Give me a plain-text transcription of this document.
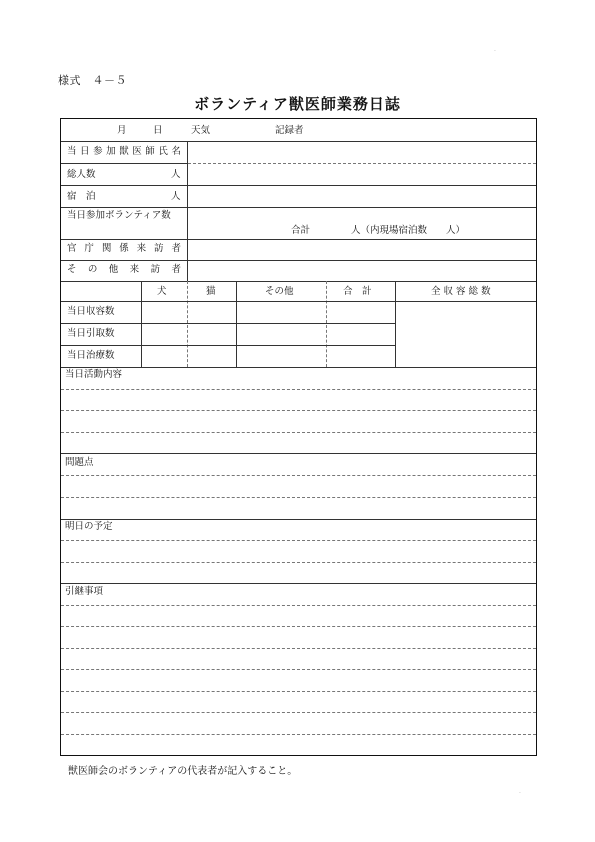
様式　４－５
ボランティア獣医師業務日誌
·
·
月	日	天気	記録者
当 日 参 加 獣 医 師 氏 名
総人数	人
宿　泊	人
当日参加ボランティア数
合計	人（内現場宿泊数　　人）
官 庁 関 係 来 訪 者
そ の 他 来 訪 者
犬	猫	その他	合　計	全 収 容 総 数
当日収容数
当日引取数
当日治療数
当日活動内容
問題点
明日の予定
引継事項
獣医師会のボランティアの代表者が記入すること。
